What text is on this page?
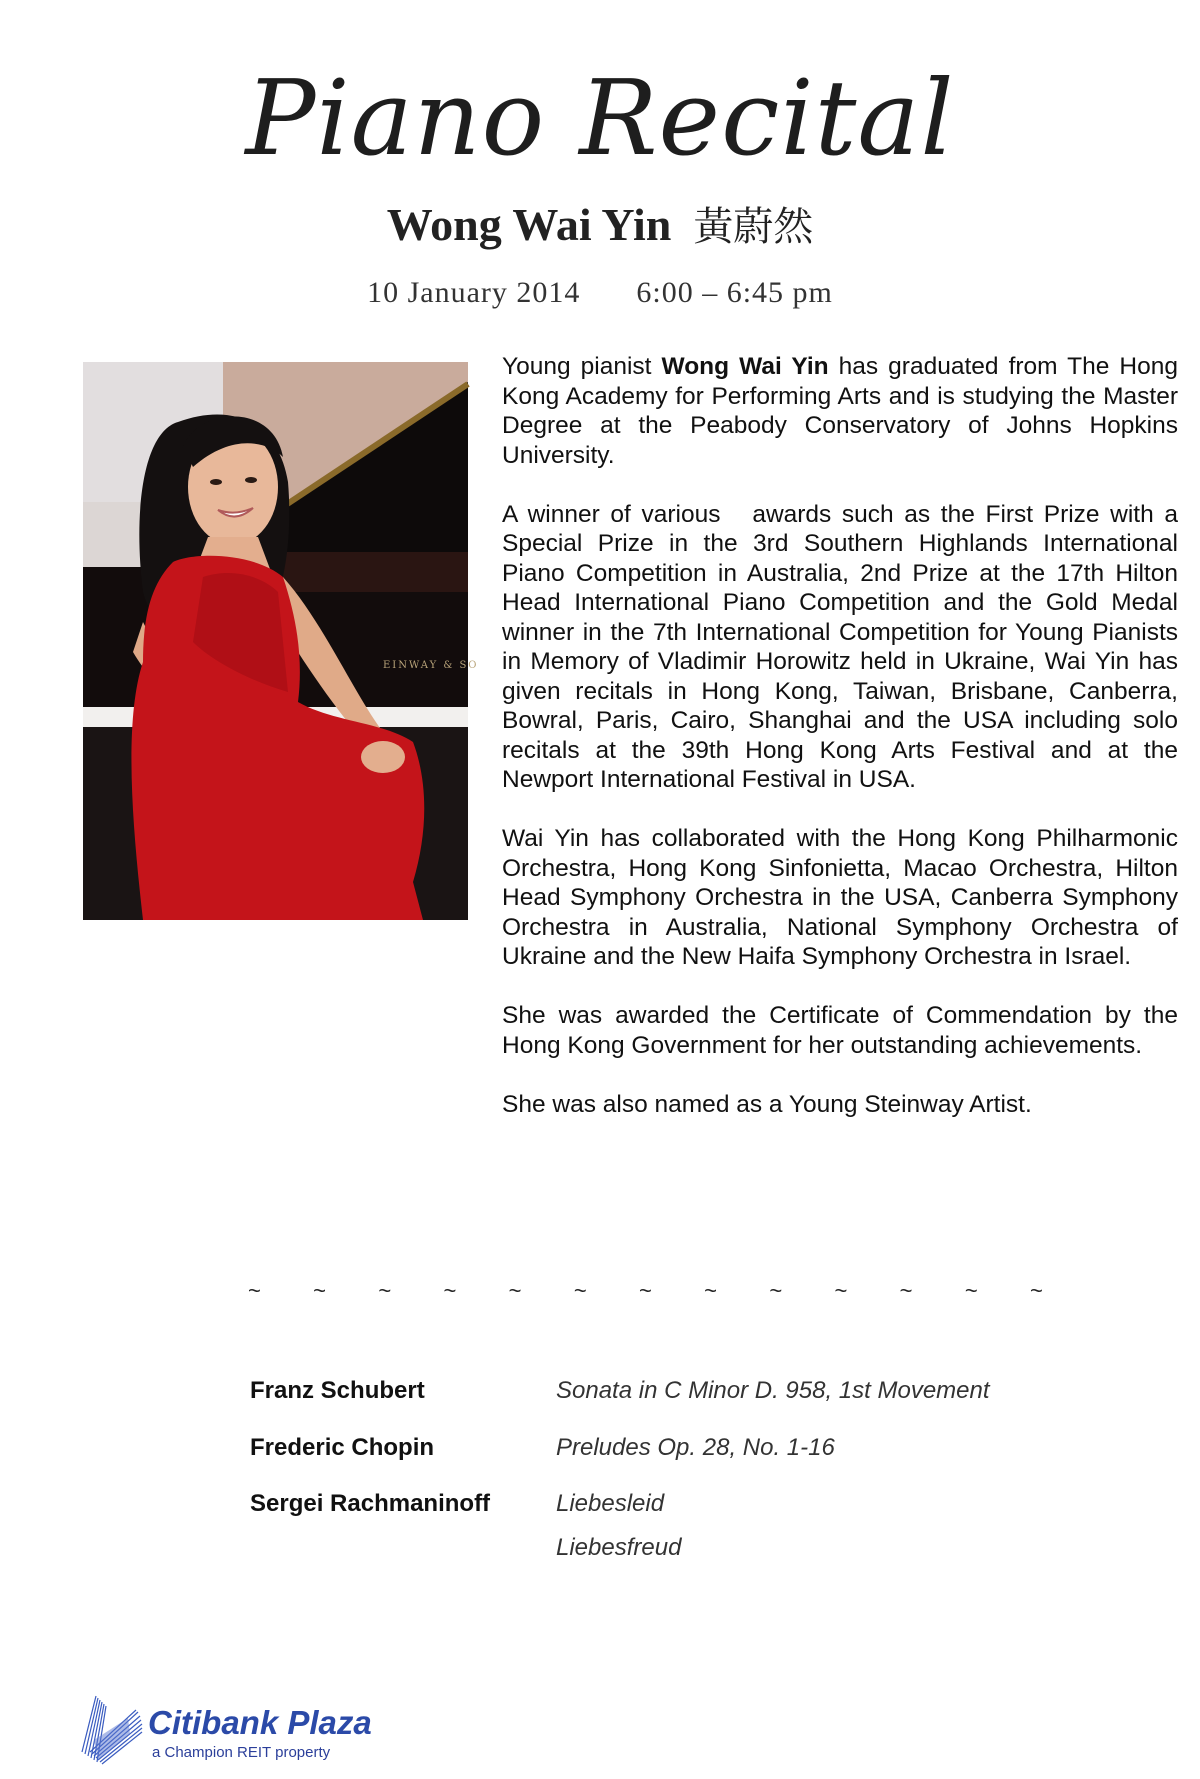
Piano Recital
Wong Wai Yin 黃蔚然
10 January 2014 6:00 – 6:45 pm
EINWAY & SO

Young pianist Wong Wai Yin has graduated from The Hong Kong Academy for Performing Arts and is studying the Master Degree at the Peabody Conservatory of Johns Hopkins University.

A winner of various   awards such as the First Prize with a Special Prize in the 3rd Southern Highlands International Piano Competition in Australia, 2nd Prize at the 17th Hilton Head International Piano Competition and the Gold Medal winner in the 7th International Competition for Young Pianists in Memory of Vladimir Horowitz held in Ukraine, Wai Yin has given recitals in Hong Kong, Taiwan, Brisbane, Canberra, Bowral, Paris, Cairo, Shanghai and the USA including solo recitals at the 39th Hong Kong Arts Festival and at the Newport International Festival in USA.

Wai Yin has collaborated with the Hong Kong Philharmonic Orchestra, Hong Kong Sinfonietta, Macao Orchestra, Hilton Head Symphony Orchestra in the USA, Canberra Symphony Orchestra in Australia, National Symphony Orchestra of Ukraine and the New Haifa Symphony Orchestra in Israel.

She was awarded the Certificate of Commendation by the Hong Kong Government for her outstanding achievements.

She was also named as a Young Steinway Artist.

~ ~ ~ ~ ~ ~ ~ ~ ~ ~ ~ ~ ~
Franz Schubert	Sonata in C Minor D. 958, 1st Movement
Frederic Chopin	Preludes Op. 28, No. 1-16
Sergei Rachmaninoff	Liebesleid
Liebesfreud
Citibank Plaza
a Champion REIT property
